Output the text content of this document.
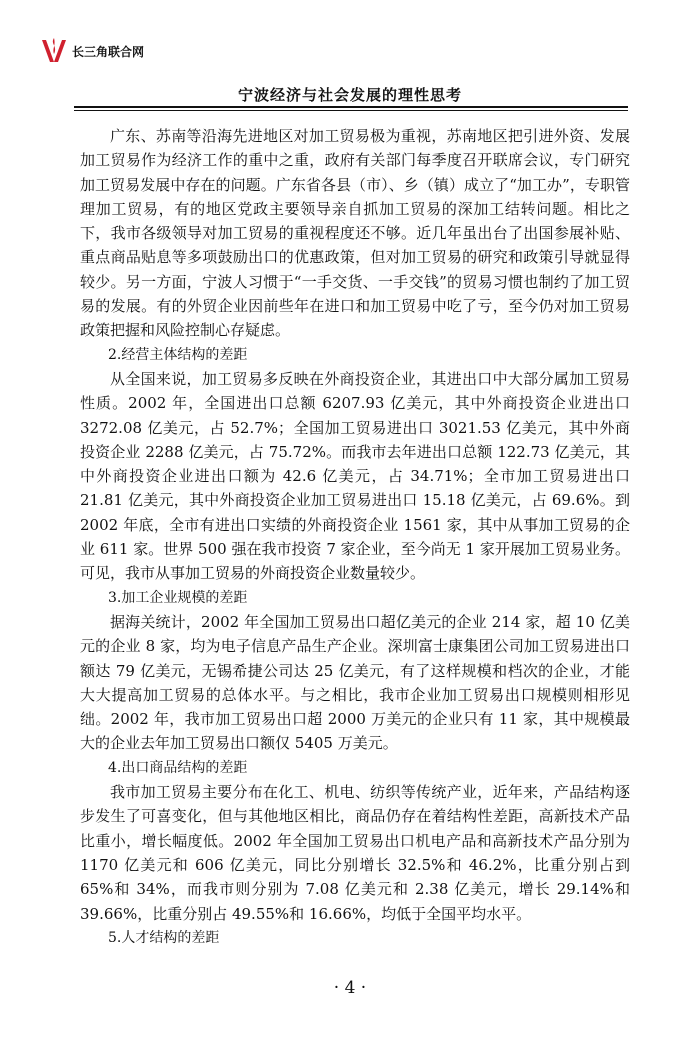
长三角联合网
宁波经济与社会发展的理性思考

广东、苏南等沿海先进地区对加工贸易极为重视，苏南地区把引进外资、发展加工贸易作为经济工作的重中之重，政府有关部门每季度召开联席会议，专门研究加工贸易发展中存在的问题。广东省各县（市）、乡（镇）成立了“加工办”，专职管理加工贸易，有的地区党政主要领导亲自抓加工贸易的深加工结转问题。相比之下，我市各级领导对加工贸易的重视程度还不够。近几年虽出台了出国参展补贴、重点商品贴息等多项鼓励出口的优惠政策，但对加工贸易的研究和政策引导就显得较少。另一方面，宁波人习惯于“一手交货、一手交钱”的贸易习惯也制约了加工贸易的发展。有的外贸企业因前些年在进口和加工贸易中吃了亏，至今仍对加工贸易政策把握和风险控制心存疑虑。

2.经营主体结构的差距

从全国来说，加工贸易多反映在外商投资企业，其进出口中大部分属加工贸易性质。2002 年，全国进出口总额 6207.93 亿美元，其中外商投资企业进出口 3272.08 亿美元，占 52.7%；全国加工贸易进出口 3021.53 亿美元，其中外商投资企业 2288 亿美元，占 75.72%。而我市去年进出口总额 122.73 亿美元，其中外商投资企业进出口额为 42.6 亿美元，占 34.71%；全市加工贸易进出口 21.81 亿美元，其中外商投资企业加工贸易进出口 15.18 亿美元，占 69.6%。到 2002 年底，全市有进出口实绩的外商投资企业 1561 家，其中从事加工贸易的企业 611 家。世界 500 强在我市投资 7 家企业，至今尚无 1 家开展加工贸易业务。可见，我市从事加工贸易的外商投资企业数量较少。

3.加工企业规模的差距

据海关统计，2002 年全国加工贸易出口超亿美元的企业 214 家，超 10 亿美元的企业 8 家，均为电子信息产品生产企业。深圳富士康集团公司加工贸易进出口额达 79 亿美元，无锡希捷公司达 25 亿美元，有了这样规模和档次的企业，才能大大提高加工贸易的总体水平。与之相比，我市企业加工贸易出口规模则相形见绌。2002 年，我市加工贸易出口超 2000 万美元的企业只有 11 家，其中规模最大的企业去年加工贸易出口额仅 5405 万美元。

4.出口商品结构的差距

我市加工贸易主要分布在化工、机电、纺织等传统产业，近年来，产品结构逐步发生了可喜变化，但与其他地区相比，商品仍存在着结构性差距，高新技术产品比重小，增长幅度低。2002 年全国加工贸易出口机电产品和高新技术产品分别为 1170 亿美元和 606 亿美元，同比分别增长 32.5%和 46.2%，比重分别占到 65%和 34%，而我市则分别为 7.08 亿美元和 2.38 亿美元，增长 29.14%和 39.66%，比重分别占 49.55%和 16.66%，均低于全国平均水平。

5.人才结构的差距
· 4 ·
